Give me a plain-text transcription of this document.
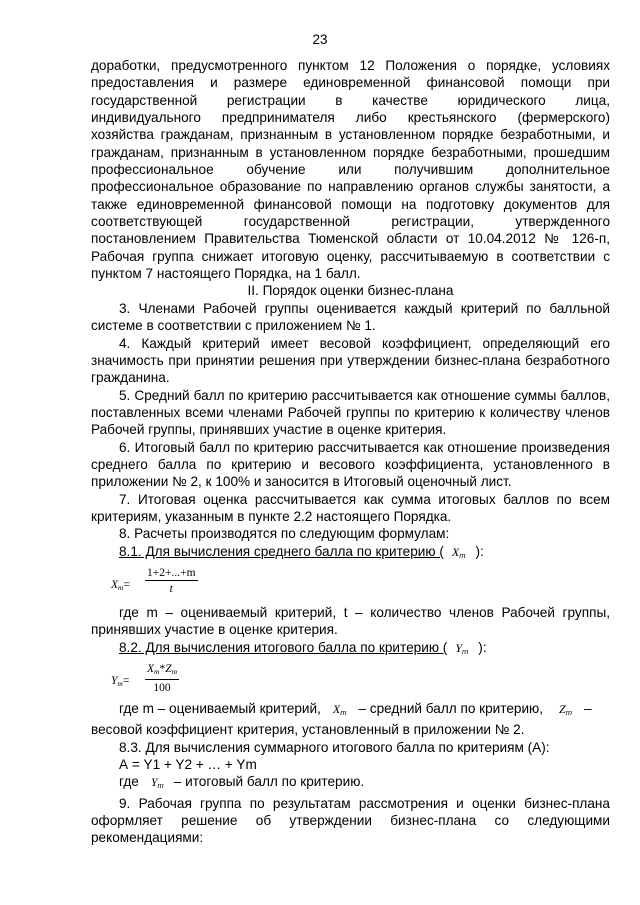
23

доработки, предусмотренного пунктом 12 Положения о порядке, условиях

предоставления и размере единовременной финансовой помощи при

государственной регистрации в качестве юридического лица,

индивидуального предпринимателя либо крестьянского (фермерского)

хозяйства гражданам, признанным в установленном порядке безработными, и

гражданам, признанным в установленном порядке безработными, прошедшим

профессиональное обучение или получившим дополнительное

профессиональное образование по направлению органов службы занятости, а

также единовременной финансовой помощи на подготовку документов для

соответствующей государственной регистрации, утвержденного

постановлением Правительства Тюменской области от 10.04.2012 № 126-п,

Рабочая группа снижает итоговую оценку, рассчитываемую в соответствии с

пунктом 7 настоящего Порядка, на 1 балл.

II. Порядок оценки бизнес-плана

3. Членами Рабочей группы оценивается каждый критерий по балльной системе в соответствии с приложением № 1.

4. Каждый критерий имеет весовой коэффициент, определяющий его значимость при принятии решения при утверждении бизнес-плана безработного гражданина.

5. Средний балл по критерию рассчитывается как отношение суммы баллов, поставленных всеми членами Рабочей группы по критерию к количеству членов Рабочей группы, принявших участие в оценке критерия.

6. Итоговый балл по критерию рассчитывается как отношение произведения среднего балла по критерию и весового коэффициента, установленного в приложении № 2, к 100% и заносится в Итоговый оценочный лист.

7. Итоговая оценка рассчитывается как сумма итоговых баллов по всем критериям, указанным в пункте 2.2 настоящего Порядка.

8. Расчеты производятся по следующим формулам:

8.1. Для вычисления среднего балла по критерию ( $X_m$ ):

$X_m= \frac{1+2+...+m}{t}$

где m – оцениваемый критерий, t – количество членов Рабочей группы, принявших участие в оценке критерия.

8.2. Для вычисления итогового балла по критерию ( $Y_m$ ):

$Y_m= \frac{X_m*Z_m}{100}$

где m – оцениваемый критерий, $X_m$ – средний балл по критерию, $Z_m$ –

весовой коэффициент критерия, установленный в приложении № 2.

8.3. Для вычисления суммарного итогового балла по критериям (А):

А = Y1 + Y2 + … + Ym

где $Y_m$ – итоговый балл по критерию.

9. Рабочая группа по результатам рассмотрения и оценки бизнес-плана оформляет решение об утверждении бизнес-плана со следующими

рекомендациями:
